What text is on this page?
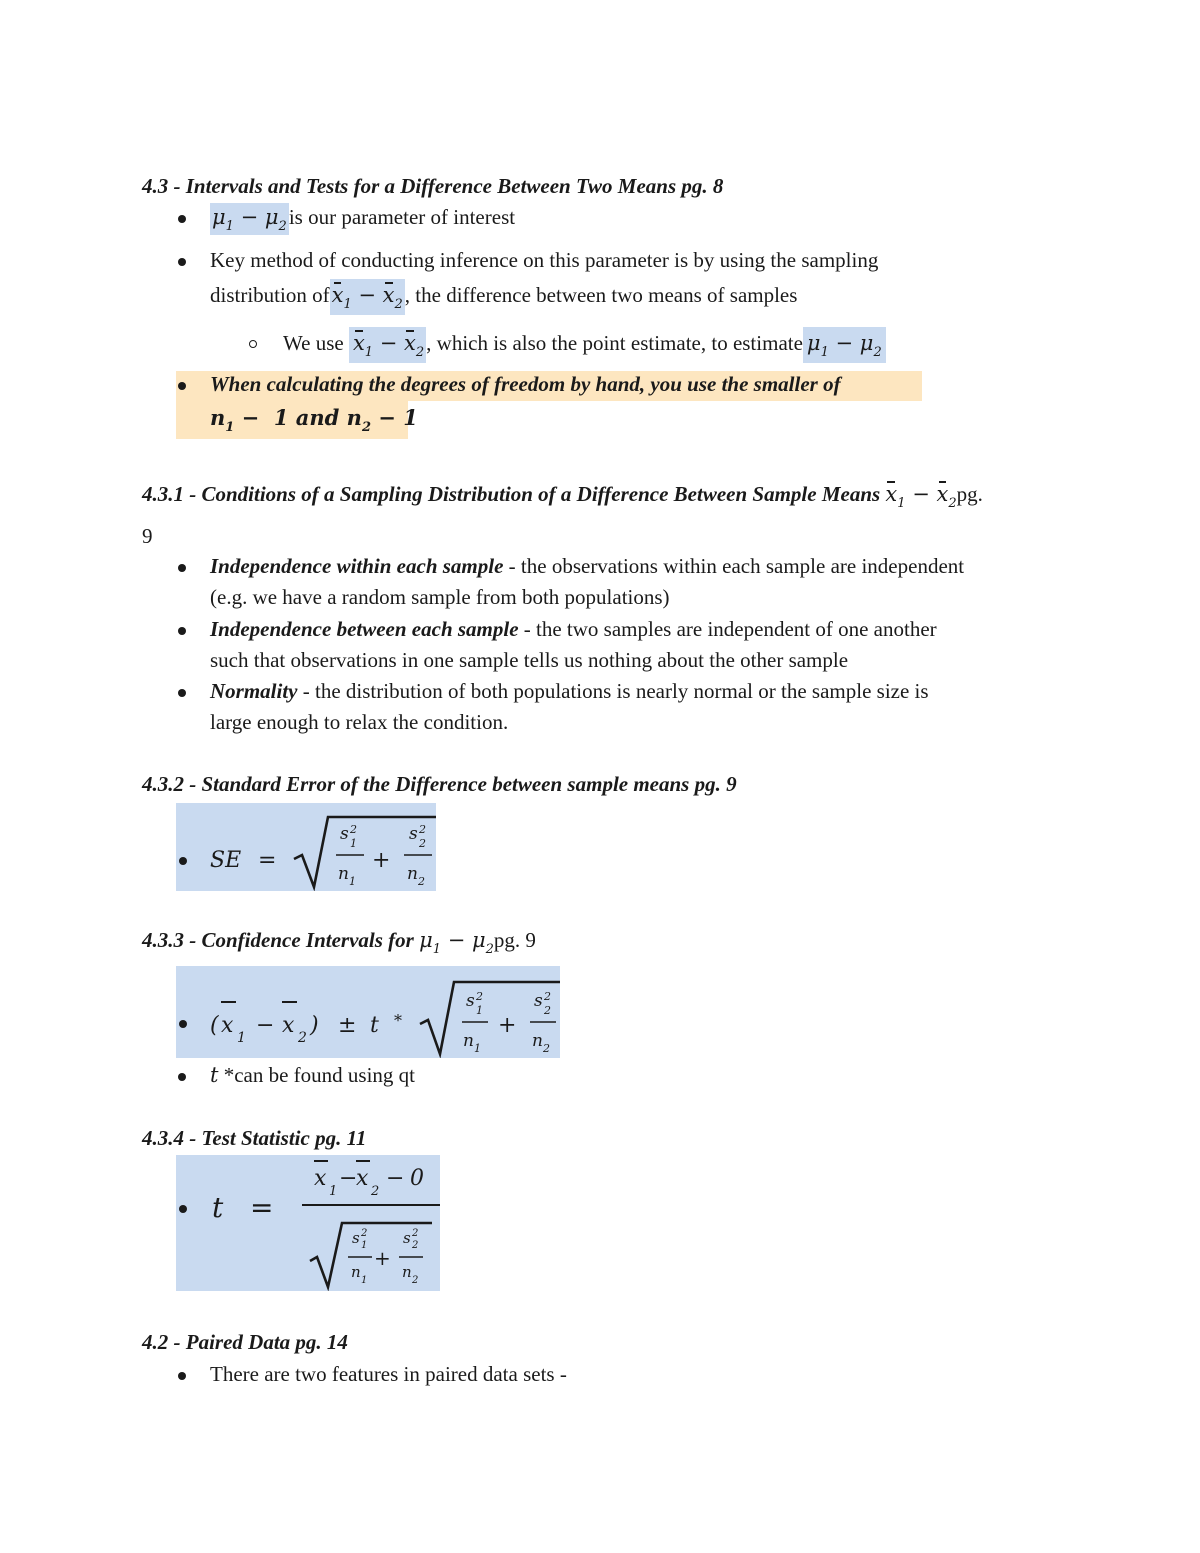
4.3 - Intervals and Tests for a Difference Between Two Means pg. 8
$\mu_1 - \mu_2is$ our parameter of interest
Key method of conducting inference on this parameter is by using the sampling
distribution $ofx_1 - x_2$, the difference between two means of samples
We use $x_1 - x_2$, which is also the point estimate, to estimate $\mu_1 - \mu_2$
When calculating the degrees of freedom by hand, you use the smaller of
$n_1 - 1$ and $n_2 - 1$
4.3.1 - Conditions of a Sampling Distribution of a Difference Between Sample Means $x_1 - x_2pg$.
9
Independence within each sample - the observations within each sample are independent
(e.g. we have a random sample from both populations)
Independence between each sample - the two samples are independent of one another
such that observations in one sample tells us nothing about the other sample
Normality - the distribution of both populations is nearly normal or the sample size is
large enough to relax the condition.
4.3.2 - Standard Error of the Difference between sample means pg. 9
SE =
s 2
1
n 1
+
s 2
2
n 2
4.3.3 - Confidence Intervals for $\mu_1 - \mu_2pg$. 9
( x 1 − x 2 ) ± t *
s 2
1
n 1
+
s 2
2
n 2
t *can be found using qt
4.3.4 - Test Statistic pg. 11
t =
x
1
−
x
2
− 0
s 2
1
n 1
+
s 2
2
n 2
4.2 - Paired Data pg. 14
There are two features in paired data sets -
